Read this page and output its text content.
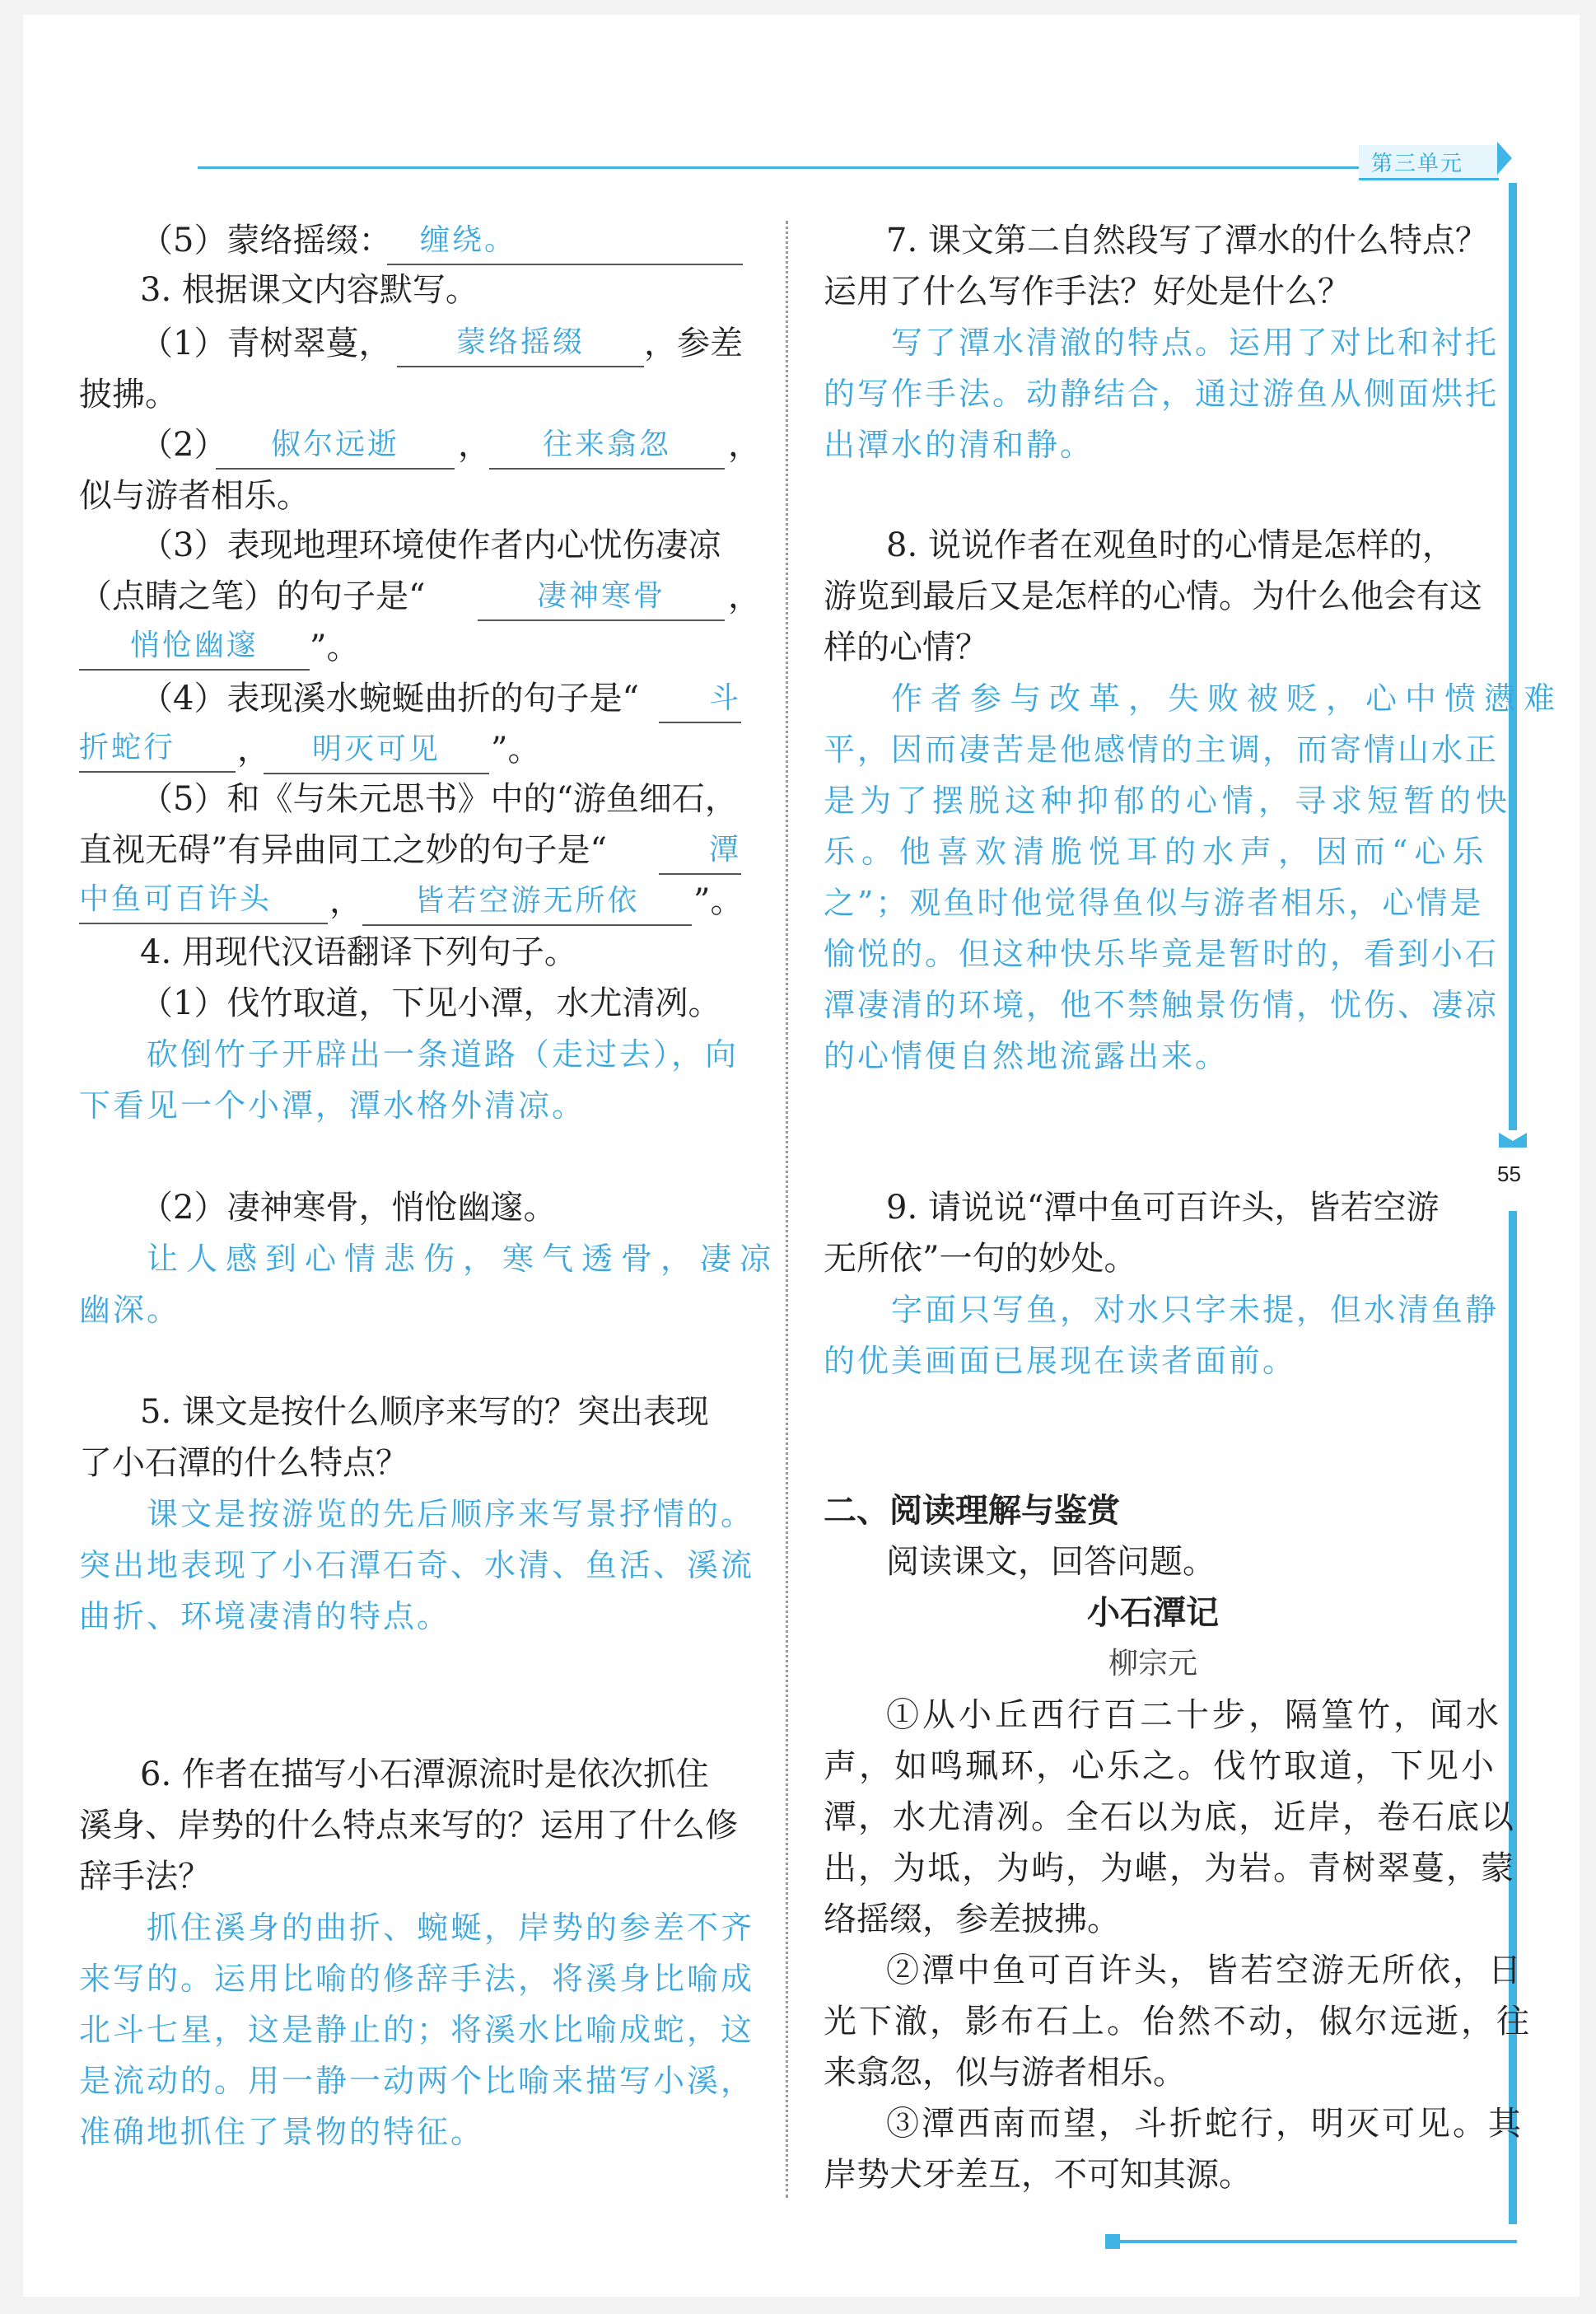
第三单元
55
（5）蒙络摇缀： 缠绕。
3. 根据课文内容默写。
（1）青树翠蔓，	蒙络摇缀	，参差
披拂。
（2）	俶尔远逝	，	往来翕忽	，
似与游者相乐。
（3）表现地理环境使作者内心忧伤凄凉
（点睛之笔）的句子是“	凄神寒骨	，
悄怆幽邃	”。
（4）表现溪水蜿蜒曲折的句子是“	斗
折蛇行	，	明灭可见	”。
（5）和《与朱元思书》中的“游鱼细石，
直视无碍”有异曲同工之妙的句子是“	潭
中鱼可百许头	，	皆若空游无所依	”。
4. 用现代汉语翻译下列句子。
（1）伐竹取道，下见小潭，水尤清冽。
砍倒竹子开辟出一条道路（走过去），向
下看见一个小潭，潭水格外清凉。
（2）凄神寒骨，悄怆幽邃。
让人感到心情悲伤，寒气透骨，凄凉
幽深。
5. 课文是按什么顺序来写的？突出表现
了小石潭的什么特点？
课文是按游览的先后顺序来写景抒情的。
突出地表现了小石潭石奇、水清、鱼活、溪流
曲折、环境凄清的特点。
6. 作者在描写小石潭源流时是依次抓住
溪身、岸势的什么特点来写的？运用了什么修
辞手法？
抓住溪身的曲折、蜿蜒，岸势的参差不齐
来写的。运用比喻的修辞手法，将溪身比喻成
北斗七星，这是静止的；将溪水比喻成蛇，这
是流动的。用一静一动两个比喻来描写小溪，
准确地抓住了景物的特征。
7. 课文第二自然段写了潭水的什么特点？
运用了什么写作手法？好处是什么？
写了潭水清澈的特点。运用了对比和衬托
的写作手法。动静结合，通过游鱼从侧面烘托
出潭水的清和静。
8. 说说作者在观鱼时的心情是怎样的，
游览到最后又是怎样的心情。为什么他会有这
样的心情？
作者参与改革，失败被贬，心中愤懑难
平，因而凄苦是他感情的主调，而寄情山水正
是为了摆脱这种抑郁的心情，寻求短暂的快
乐。他喜欢清脆悦耳的水声，因而“心乐
之”；观鱼时他觉得鱼似与游者相乐，心情是
愉悦的。但这种快乐毕竟是暂时的，看到小石
潭凄清的环境，他不禁触景伤情，忧伤、凄凉
的心情便自然地流露出来。
9. 请说说“潭中鱼可百许头，皆若空游
无所依”一句的妙处。
字面只写鱼，对水只字未提，但水清鱼静
的优美画面已展现在读者面前。
二、阅读理解与鉴赏
阅读课文，回答问题。
小石潭记
柳宗元
①从小丘西行百二十步，隔篁竹，闻水
声，如鸣珮环，心乐之。伐竹取道，下见小
潭，水尤清冽。全石以为底，近岸，卷石底以
出，为坻，为屿，为嵁，为岩。青树翠蔓，蒙
络摇缀，参差披拂。
②潭中鱼可百许头，皆若空游无所依，日
光下澈，影布石上。佁然不动，俶尔远逝，往
来翕忽，似与游者相乐。
③潭西南而望，斗折蛇行，明灭可见。其
岸势犬牙差互，不可知其源。
